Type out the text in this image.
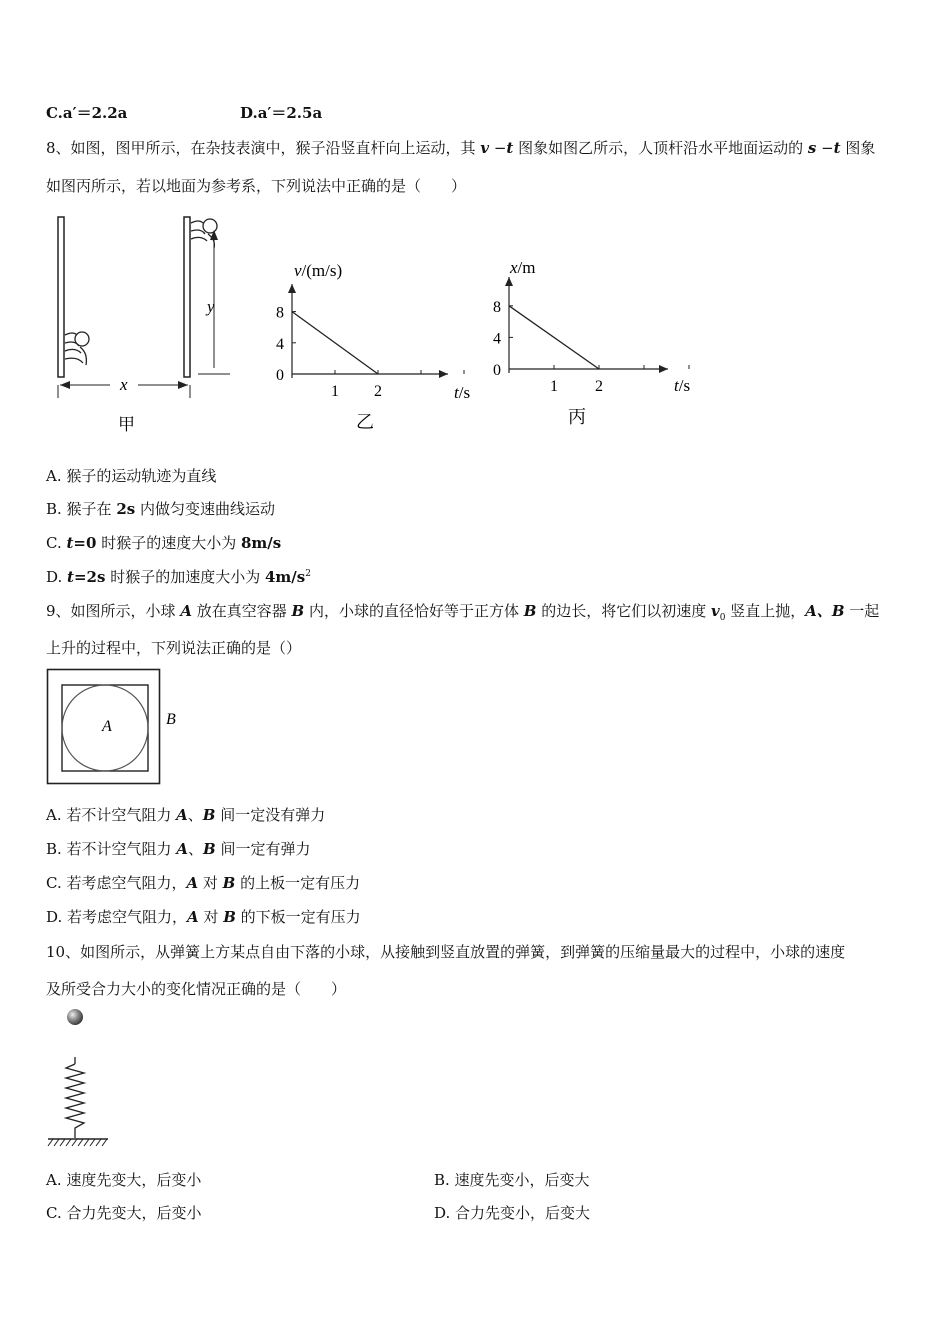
C.a′＝2.2a	D.a′＝2.5a
8、如图，图甲所示，在杂技表演中，猴子沿竖直杆向上运动，其 v −t 图象如图乙所示，人顶杆沿水平地面运动的 s −t 图象
如图丙所示，若以地面为参考系，下列说法中正确的是（　　）
y
x
甲
v/(m/s)
t/s
乙
1 2
0
4
8
x/m
t/s
丙
1 2
0
4
8
A. 猴子的运动轨迹为直线
B. 猴子在 2s 内做匀变速曲线运动
C. t=0 时猴子的速度大小为 8m/s
D. t=2s 时猴子的加速度大小为 $4m/s^2$
9、如图所示，小球 A 放在真空容器 B 内，小球的直径恰好等于正方体 B 的边长，将它们以初速度 $v_0$ 竖直上抛，A、B 一起
上升的过程中，下列说法正确的是（）
A	B
A. 若不计空气阻力 A、B 间一定没有弹力
B. 若不计空气阻力 A、B 间一定有弹力
C. 若考虑空气阻力，A 对 B 的上板一定有压力
D. 若考虑空气阻力，A 对 B 的下板一定有压力
10、如图所示，从弹簧上方某点自由下落的小球，从接触到竖直放置的弹簧，到弹簧的压缩量最大的过程中，小球的速度
及所受合力大小的变化情况正确的是（　　）
A. 速度先变大，后变小	B. 速度先变小，后变大
C. 合力先变大，后变小	D. 合力先变小，后变大
